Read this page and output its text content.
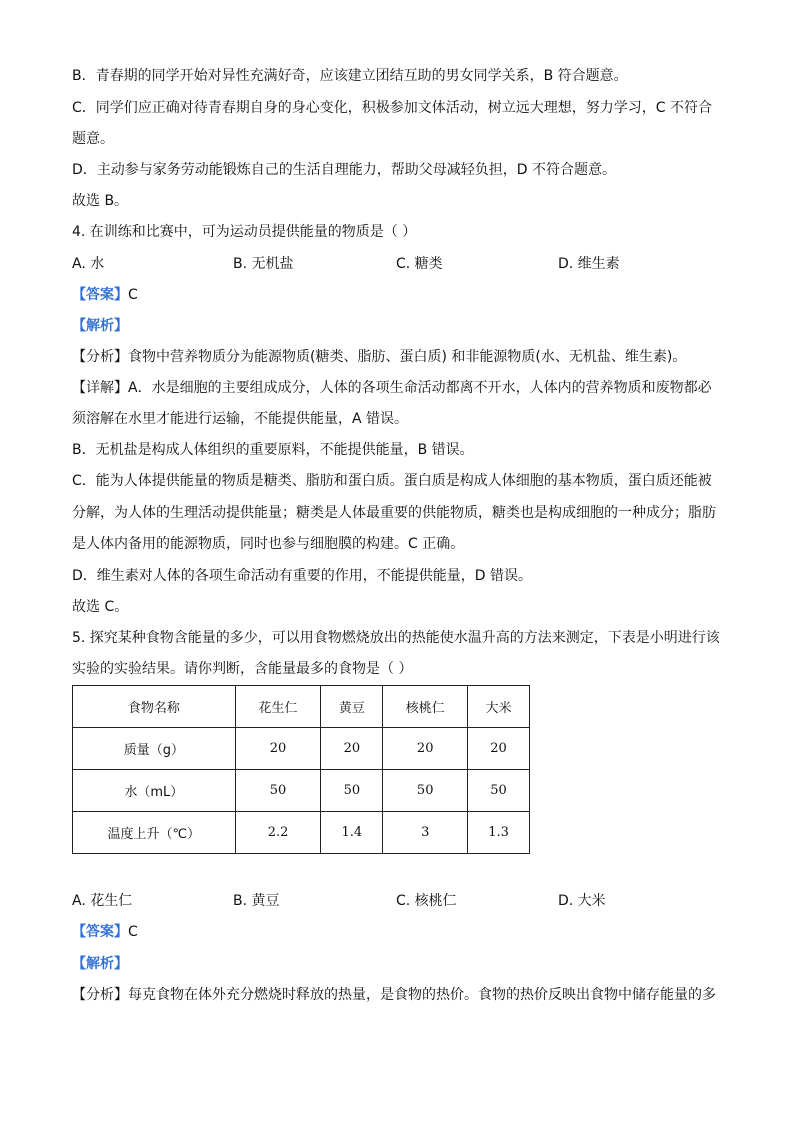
B．青春期的同学开始对异性充满好奇，应该建立团结互助的男女同学关系，B 符合题意。
C．同学们应正确对待青春期自身的身心变化，积极参加文体活动，树立远大理想，努力学习，C 不符合
题意。
D．主动参与家务劳动能锻炼自己的生活自理能力，帮助父母减轻负担，D 不符合题意。
故选 B。
4. 在训练和比赛中，可为运动员提供能量的物质是（ ）
A. 水	B. 无机盐	C. 糖类	D. 维生素
【答案】C
【解析】
【分析】食物中营养物质分为能源物质(糖类、脂肪、蛋白质) 和非能源物质(水、无机盐、维生素)。
【详解】A．水是细胞的主要组成成分，人体的各项生命活动都离不开水，人体内的营养物质和废物都必
须溶解在水里才能进行运输，不能提供能量，A 错误。
B．无机盐是构成人体组织的重要原料，不能提供能量，B 错误。
C．能为人体提供能量的物质是糖类、脂肪和蛋白质。蛋白质是构成人体细胞的基本物质，蛋白质还能被
分解，为人体的生理活动提供能量；糖类是人体最重要的供能物质，糖类也是构成细胞的一种成分；脂肪
是人体内备用的能源物质，同时也参与细胞膜的构建。C 正确。
D．维生素对人体的各项生命活动有重要的作用，不能提供能量，D 错误。
故选 C。
5. 探究某种食物含能量的多少，可以用食物燃烧放出的热能使水温升高的方法来测定，下表是小明进行该
实验的实验结果。请你判断，含能量最多的食物是（ ）
食物名称	花生仁	黄豆	核桃仁	大米
质量（g）	20	20	20	20
水（mL）	50	50	50	50
温度上升（℃）	2.2	1.4	3	1.3
A. 花生仁	B. 黄豆	C. 核桃仁	D. 大米
【答案】C
【解析】
【分析】每克食物在体外充分燃烧时释放的热量，是食物的热价。食物的热价反映出食物中储存能量的多
